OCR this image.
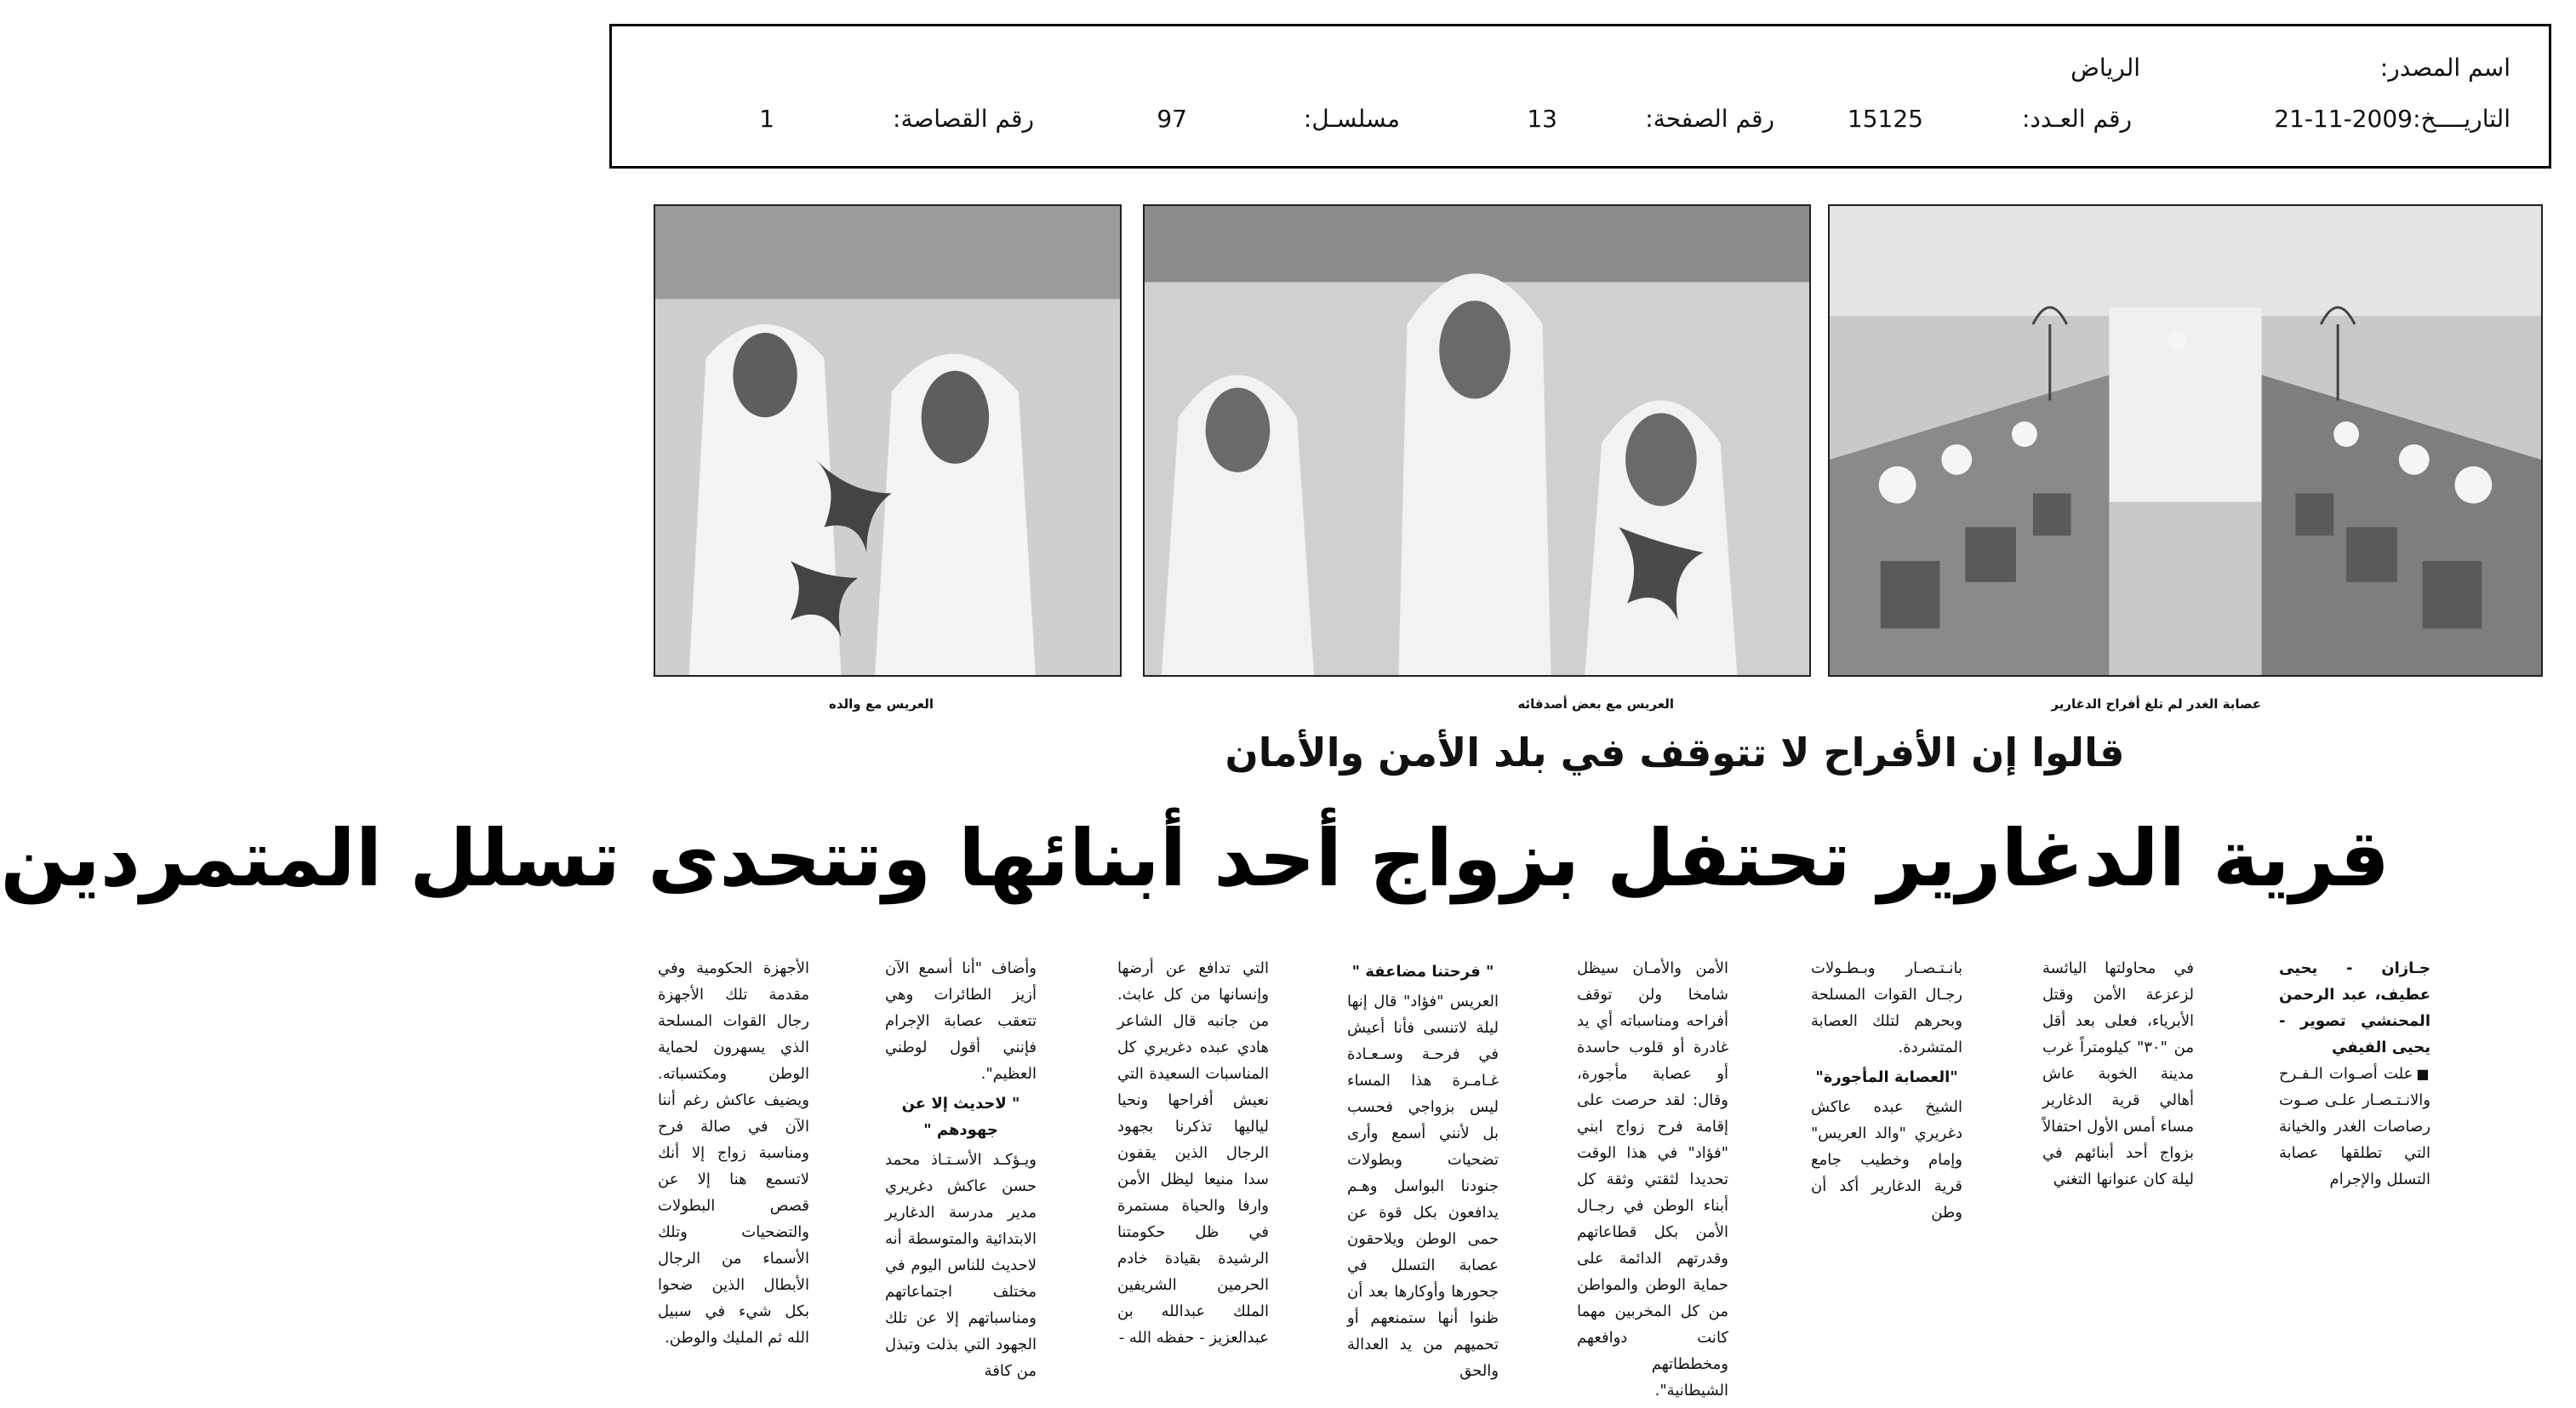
اسم المصدر:
الرياض
التاريــــخ:
21-11-2009
رقم العـدد:
15125
رقم الصفحة:
13
مسلسـل:
97
رقم القصاصة:
1
عصابة الغدر لم تلغ أفراح الدغارير
العريس مع بعض أصدقائه
العريس مع والده
قالوا إن الأفراح لا تتوقف في بلد الأمن والأمان
قرية الدغارير تحتفل بزواج أحد أبنائها وتتحدى تسلل المتمردين

جـازان - يحيى عطيف، عبد الرحمن المحنشي تصوير - يحيى الفيفي

■علت أصـوات الـفـرح والانـتـصـار علـى صـوت رصاصات الغدر والخيانة التي تطلقها عصابة التسلل والإجرام

في محاولتها اليائسة لزعزعة الأمن وقتل الأبرياء، فعلى بعد أقل من "٣٠" كيلومتراً غرب مدينة الخوبة عاش أهالي قرية الدغارير مساء أمس الأول احتفالاً بزواج أحد أبنائهم في ليلة كان عنوانها التغني

بانـتـصـار وبـطـولات رجـال القوات المسلحة وبحرهم لتلك العصابة المتشردة.

"العصابة المأجورة"

الشيخ عبده عاكش دغريري "والد العريس" وإمام وخطيب جامع قرية الدغارير أكد أن وطن

الأمن والأمـان سيظل شامخا ولن توقف أفراحه ومناسباته أي يد غادرة أو قلوب حاسدة أو عصابة مأجورة، وقال: لقد حرصت على إقامة فرح زواج ابني "فؤاد" في هذا الوقت تحديدا لثقتي وثقة كل أبناء الوطن في رجـال الأمن بكل قطاعاتهم وقدرتهم الدائمة على حماية الوطن والمواطن من كل المخربين مهما كانت دوافعهم ومخططاتهم الشيطانية".

" فرحتنا مضاعفة "

العريس "فؤاد" قال إنها ليلة لاتنسى فأنا أعيش في فرحـة وسـعـادة غـامـرة هذا المساء ليس بزواجي فحسب بل لأنني أسمع وأرى تضحيات وبطولات جنودنا البواسل وهـم يدافعون بكل قوة عن حمى الوطن ويلاحقون عصابة التسلل في جحورها وأوكارها بعد أن ظنوا أنها ستمنعهم أو تحميهم من يد العدالة والحق

التي تدافع عن أرضها وإنسانها من كل عابث. من جانبه قال الشاعر هادي عبده دغريري كل المناسبات السعيدة التي نعيش أفراحها ونحيا لياليها تذكرنا بجهود الرجال الذين يقفون سدا منيعا ليظل الأمن وارفا والحياة مستمرة في ظل حكومتنا الرشيدة بقيادة خادم الحرمين الشريفين الملك عبدالله بن عبدالعزيز - حفظه الله -

وأضاف "أنا أسمع الآن أزيز الطائرات وهي تتعقب عصابة الإجرام فإنني أقول لوطني العظيم".

" لاحديث إلا عن جهودهم "

ويـؤكـد الأسـتـاذ محمد حسن عاكش دغريري مدير مدرسة الدغارير الابتدائية والمتوسطة أنه لاحديث للناس اليوم في مختلف اجتماعاتهم ومناسباتهم إلا عن تلك الجهود التي بذلت وتبذل من كافة

الأجهزة الحكومية وفي مقدمة تلك الأجهزة رجال القوات المسلحة الذي يسهرون لحماية الوطن ومكتسباته. ويضيف عاكش رغم أننا الآن في صالة فرح ومناسبة زواج إلا أنك لاتسمع هنا إلا عن قصص البطولات والتضحيات وتلك الأسماء من الرجال الأبطال الذين ضحوا بكل شيء في سبيل الله ثم المليك والوطن.
